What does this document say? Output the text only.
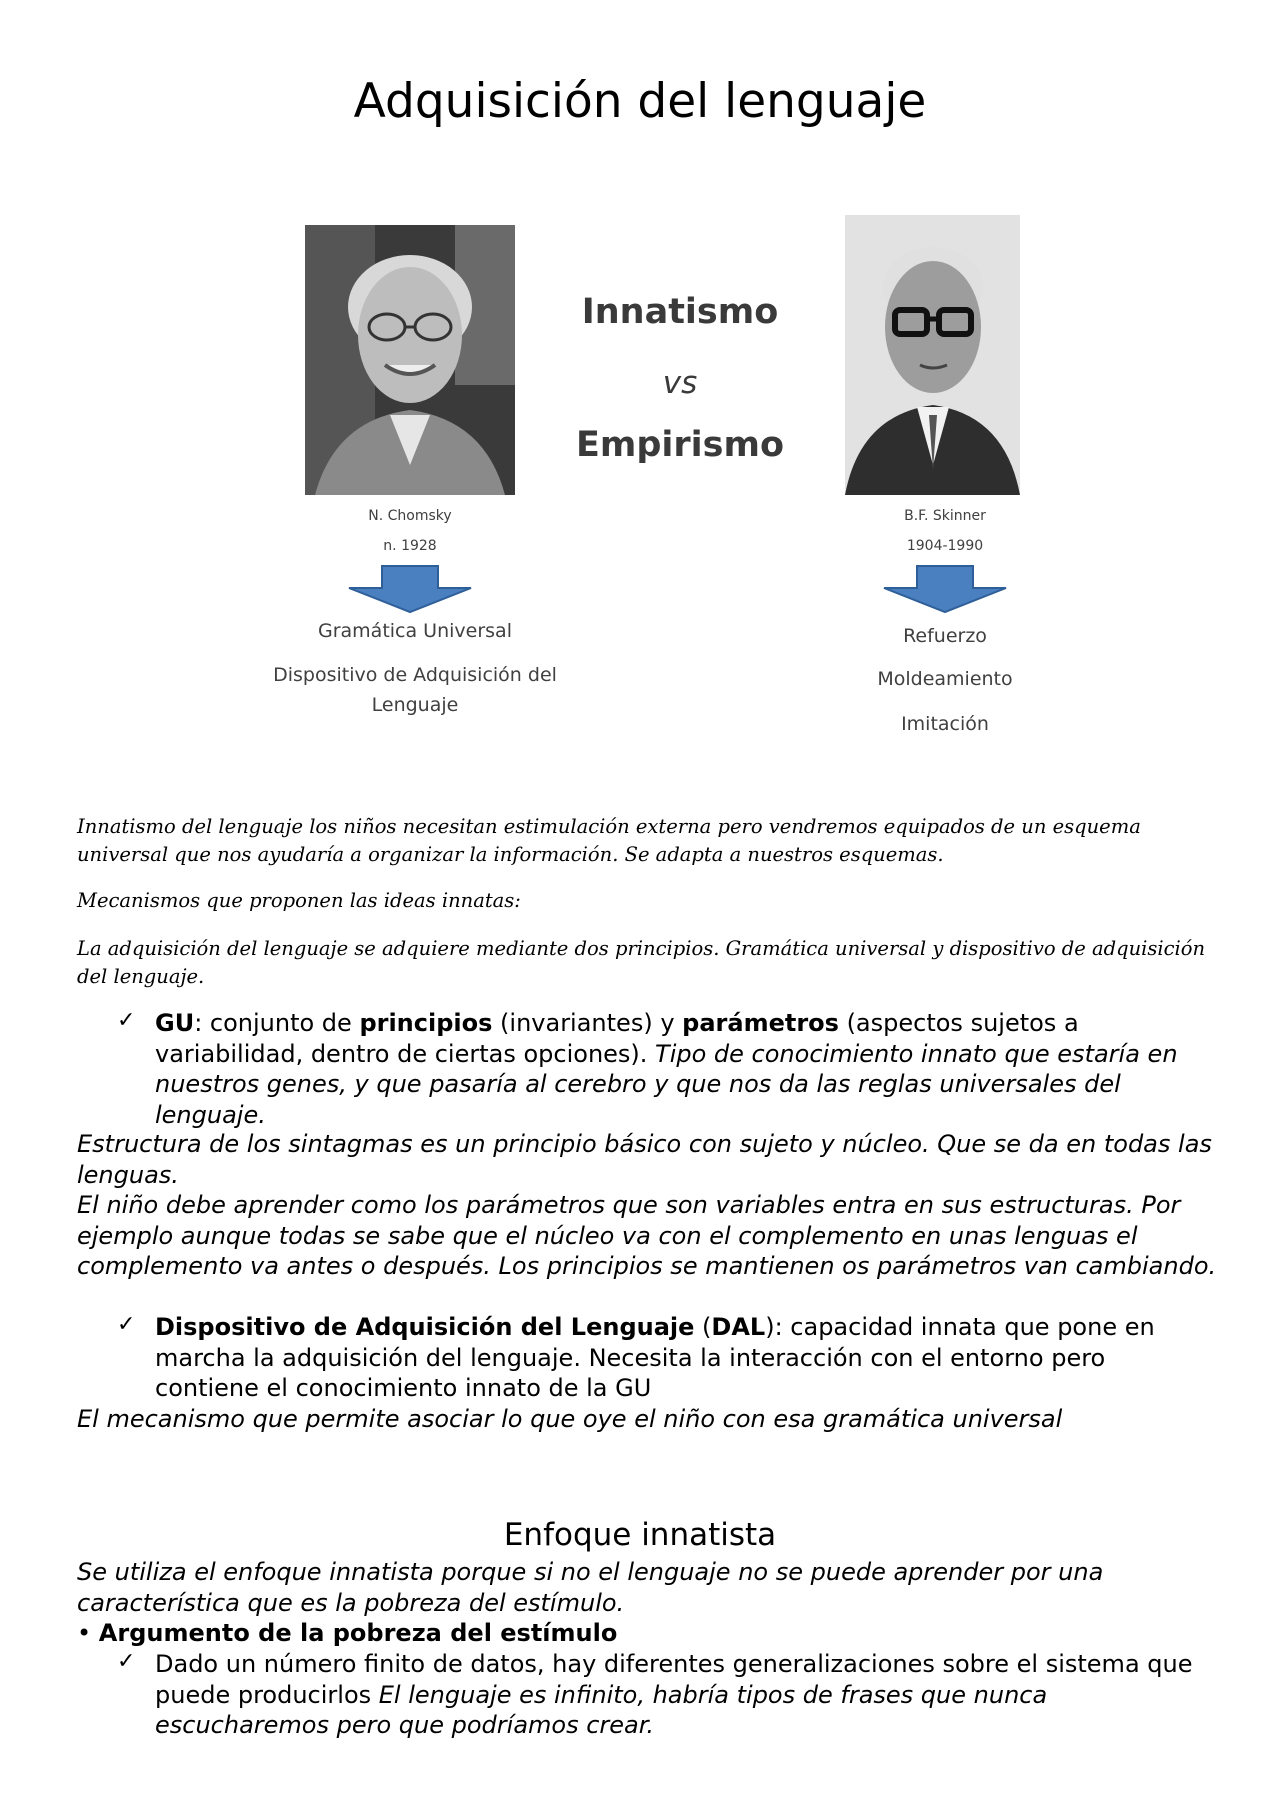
Adquisición del lenguaje
Innatismo
vs
Empirismo
N. Chomsky
n. 1928
Gramática Universal
Dispositivo de Adquisición del
Lenguaje
B.F. Skinner
1904-1990
Refuerzo
Moldeamiento
Imitación

Innatismo del lenguaje los niños necesitan estimulación externa pero vendremos equipados de un esquema universal que nos ayudaría a organizar la información. Se adapta a nuestros esquemas.

Mecanismos que proponen las ideas innatas:

La adquisición del lenguaje se adquiere mediante dos principios. Gramática universal y dispositivo de adquisición del lenguaje.

✓ GU: conjunto de principios (invariantes) y parámetros (aspectos sujetos a variabilidad, dentro de ciertas opciones). Tipo de conocimiento innato que estaría en nuestros genes, y que pasaría al cerebro y que nos da las reglas universales del lenguaje.

Estructura de los sintagmas es un principio básico con sujeto y núcleo. Que se da en todas las lenguas.

El niño debe aprender como los parámetros que son variables entra en sus estructuras. Por ejemplo aunque todas se sabe que el núcleo va con el complemento en unas lenguas el complemento va antes o después. Los principios se mantienen os parámetros van cambiando.

✓ Dispositivo de Adquisición del Lenguaje (DAL): capacidad innata que pone en marcha la adquisición del lenguaje. Necesita la interacción con el entorno pero contiene el conocimiento innato de la GU

El mecanismo que permite asociar lo que oye el niño con esa gramática universal

Enfoque innatista

Se utiliza el enfoque innatista porque si no el lenguaje no se puede aprender por una característica que es la pobreza del estímulo.

• Argumento de la pobreza del estímulo

✓ Dado un número finito de datos, hay diferentes generalizaciones sobre el sistema que puede producirlos El lenguaje es infinito, habría tipos de frases que nunca escucharemos pero que podríamos crear.
